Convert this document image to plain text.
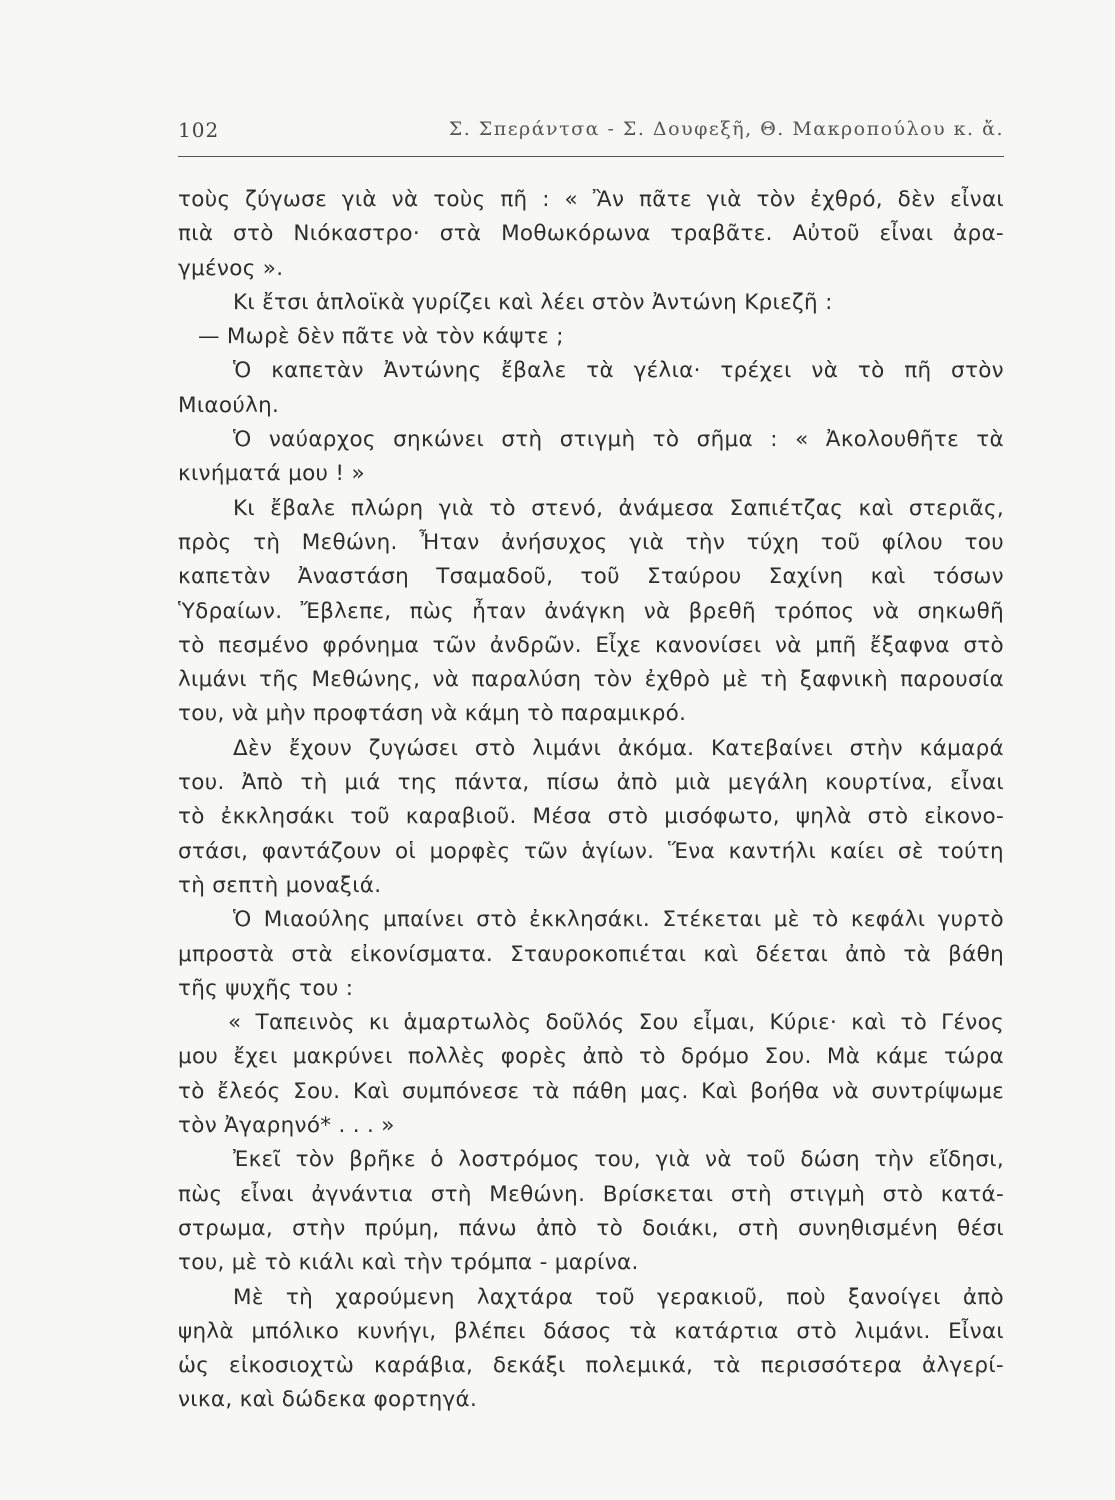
102	Σ. Σπεράντσα - Σ. Δουφεξῆ, Θ. Μακροπούλου κ. ἄ.
τοὺς ζύγωσε γιὰ νὰ τοὺς πῆ : « Ἂν πᾶτε γιὰ τὸν ἐχθρό, δὲν εἶναι
πιὰ στὸ Νιόκαστρο· στὰ Μοθωκόρωνα τραβᾶτε. Αὐτοῦ εἶναι ἀρα-
γμένος ».
Κι ἔτσι ἁπλοϊκὰ γυρίζει καὶ λέει στὸν Ἀντώνη Κριεζῆ :
— Μωρὲ δὲν πᾶτε νὰ τὸν κάψτε ;
Ὁ καπετὰν Ἀντώνης ἔβαλε τὰ γέλια· τρέχει νὰ τὸ πῆ στὸν
Μιαούλη.
Ὁ ναύαρχος σηκώνει στὴ στιγμὴ τὸ σῆμα : « Ἀκολουθῆτε τὰ
κινήματά μου ! »
Κι ἔβαλε πλώρη γιὰ τὸ στενό, ἀνάμεσα Σαπιέτζας καὶ στεριᾶς,
πρὸς τὴ Μεθώνη. Ἦταν ἀνήσυχος γιὰ τὴν τύχη τοῦ φίλου του
καπετὰν Ἀναστάση Τσαμαδοῦ, τοῦ Σταύρου Σαχίνη καὶ τόσων
Ὑδραίων. Ἔβλεπε, πὼς ἦταν ἀνάγκη νὰ βρεθῆ τρόπος νὰ σηκωθῆ
τὸ πεσμένο φρόνημα τῶν ἀνδρῶν. Εἶχε κανονίσει νὰ μπῆ ἔξαφνα στὸ
λιμάνι τῆς Μεθώνης, νὰ παραλύση τὸν ἐχθρὸ μὲ τὴ ξαφνικὴ παρουσία
του, νὰ μὴν προφτάση νὰ κάμη τὸ παραμικρό.
Δὲν ἔχουν ζυγώσει στὸ λιμάνι ἀκόμα. Κατεβαίνει στὴν κάμαρά
του. Ἀπὸ τὴ μιά της πάντα, πίσω ἀπὸ μιὰ μεγάλη κουρτίνα, εἶναι
τὸ ἐκκλησάκι τοῦ καραβιοῦ. Μέσα στὸ μισόφωτο, ψηλὰ στὸ εἰκονο-
στάσι, φαντάζουν οἱ μορφὲς τῶν ἁγίων. Ἕνα καντήλι καίει σὲ τούτη
τὴ σεπτὴ μοναξιά.
Ὁ Μιαούλης μπαίνει στὸ ἐκκλησάκι. Στέκεται μὲ τὸ κεφάλι γυρτὸ
μπροστὰ στὰ εἰκονίσματα. Σταυροκοπιέται καὶ δέεται ἀπὸ τὰ βάθη
τῆς ψυχῆς του :
« Ταπεινὸς κι ἁμαρτωλὸς δοῦλός Σου εἶμαι, Κύριε· καὶ τὸ Γένος
μου ἔχει μακρύνει πολλὲς φορὲς ἀπὸ τὸ δρόμο Σου. Μὰ κάμε τώρα
τὸ ἔλεός Σου. Καὶ συμπόνεσε τὰ πάθη μας. Καὶ βοήθα νὰ συντρίψωμε
τὸν Ἀγαρηνό* . . . »
Ἐκεῖ τὸν βρῆκε ὁ λοστρόμος του, γιὰ νὰ τοῦ δώση τὴν εἴδησι,
πὼς εἶναι ἀγνάντια στὴ Μεθώνη. Βρίσκεται στὴ στιγμὴ στὸ κατά-
στρωμα, στὴν πρύμη, πάνω ἀπὸ τὸ δοιάκι, στὴ συνηθισμένη θέσι
του, μὲ τὸ κιάλι καὶ τὴν τρόμπα - μαρίνα.
Μὲ τὴ χαρούμενη λαχτάρα τοῦ γερακιοῦ, ποὺ ξανοίγει ἀπὸ
ψηλὰ μπόλικο κυνήγι, βλέπει δάσος τὰ κατάρτια στὸ λιμάνι. Εἶναι
ὡς εἰκοσιοχτὼ καράβια, δεκάξι πολεμικά, τὰ περισσότερα ἀλγερί-
νικα, καὶ δώδεκα φορτηγά.
